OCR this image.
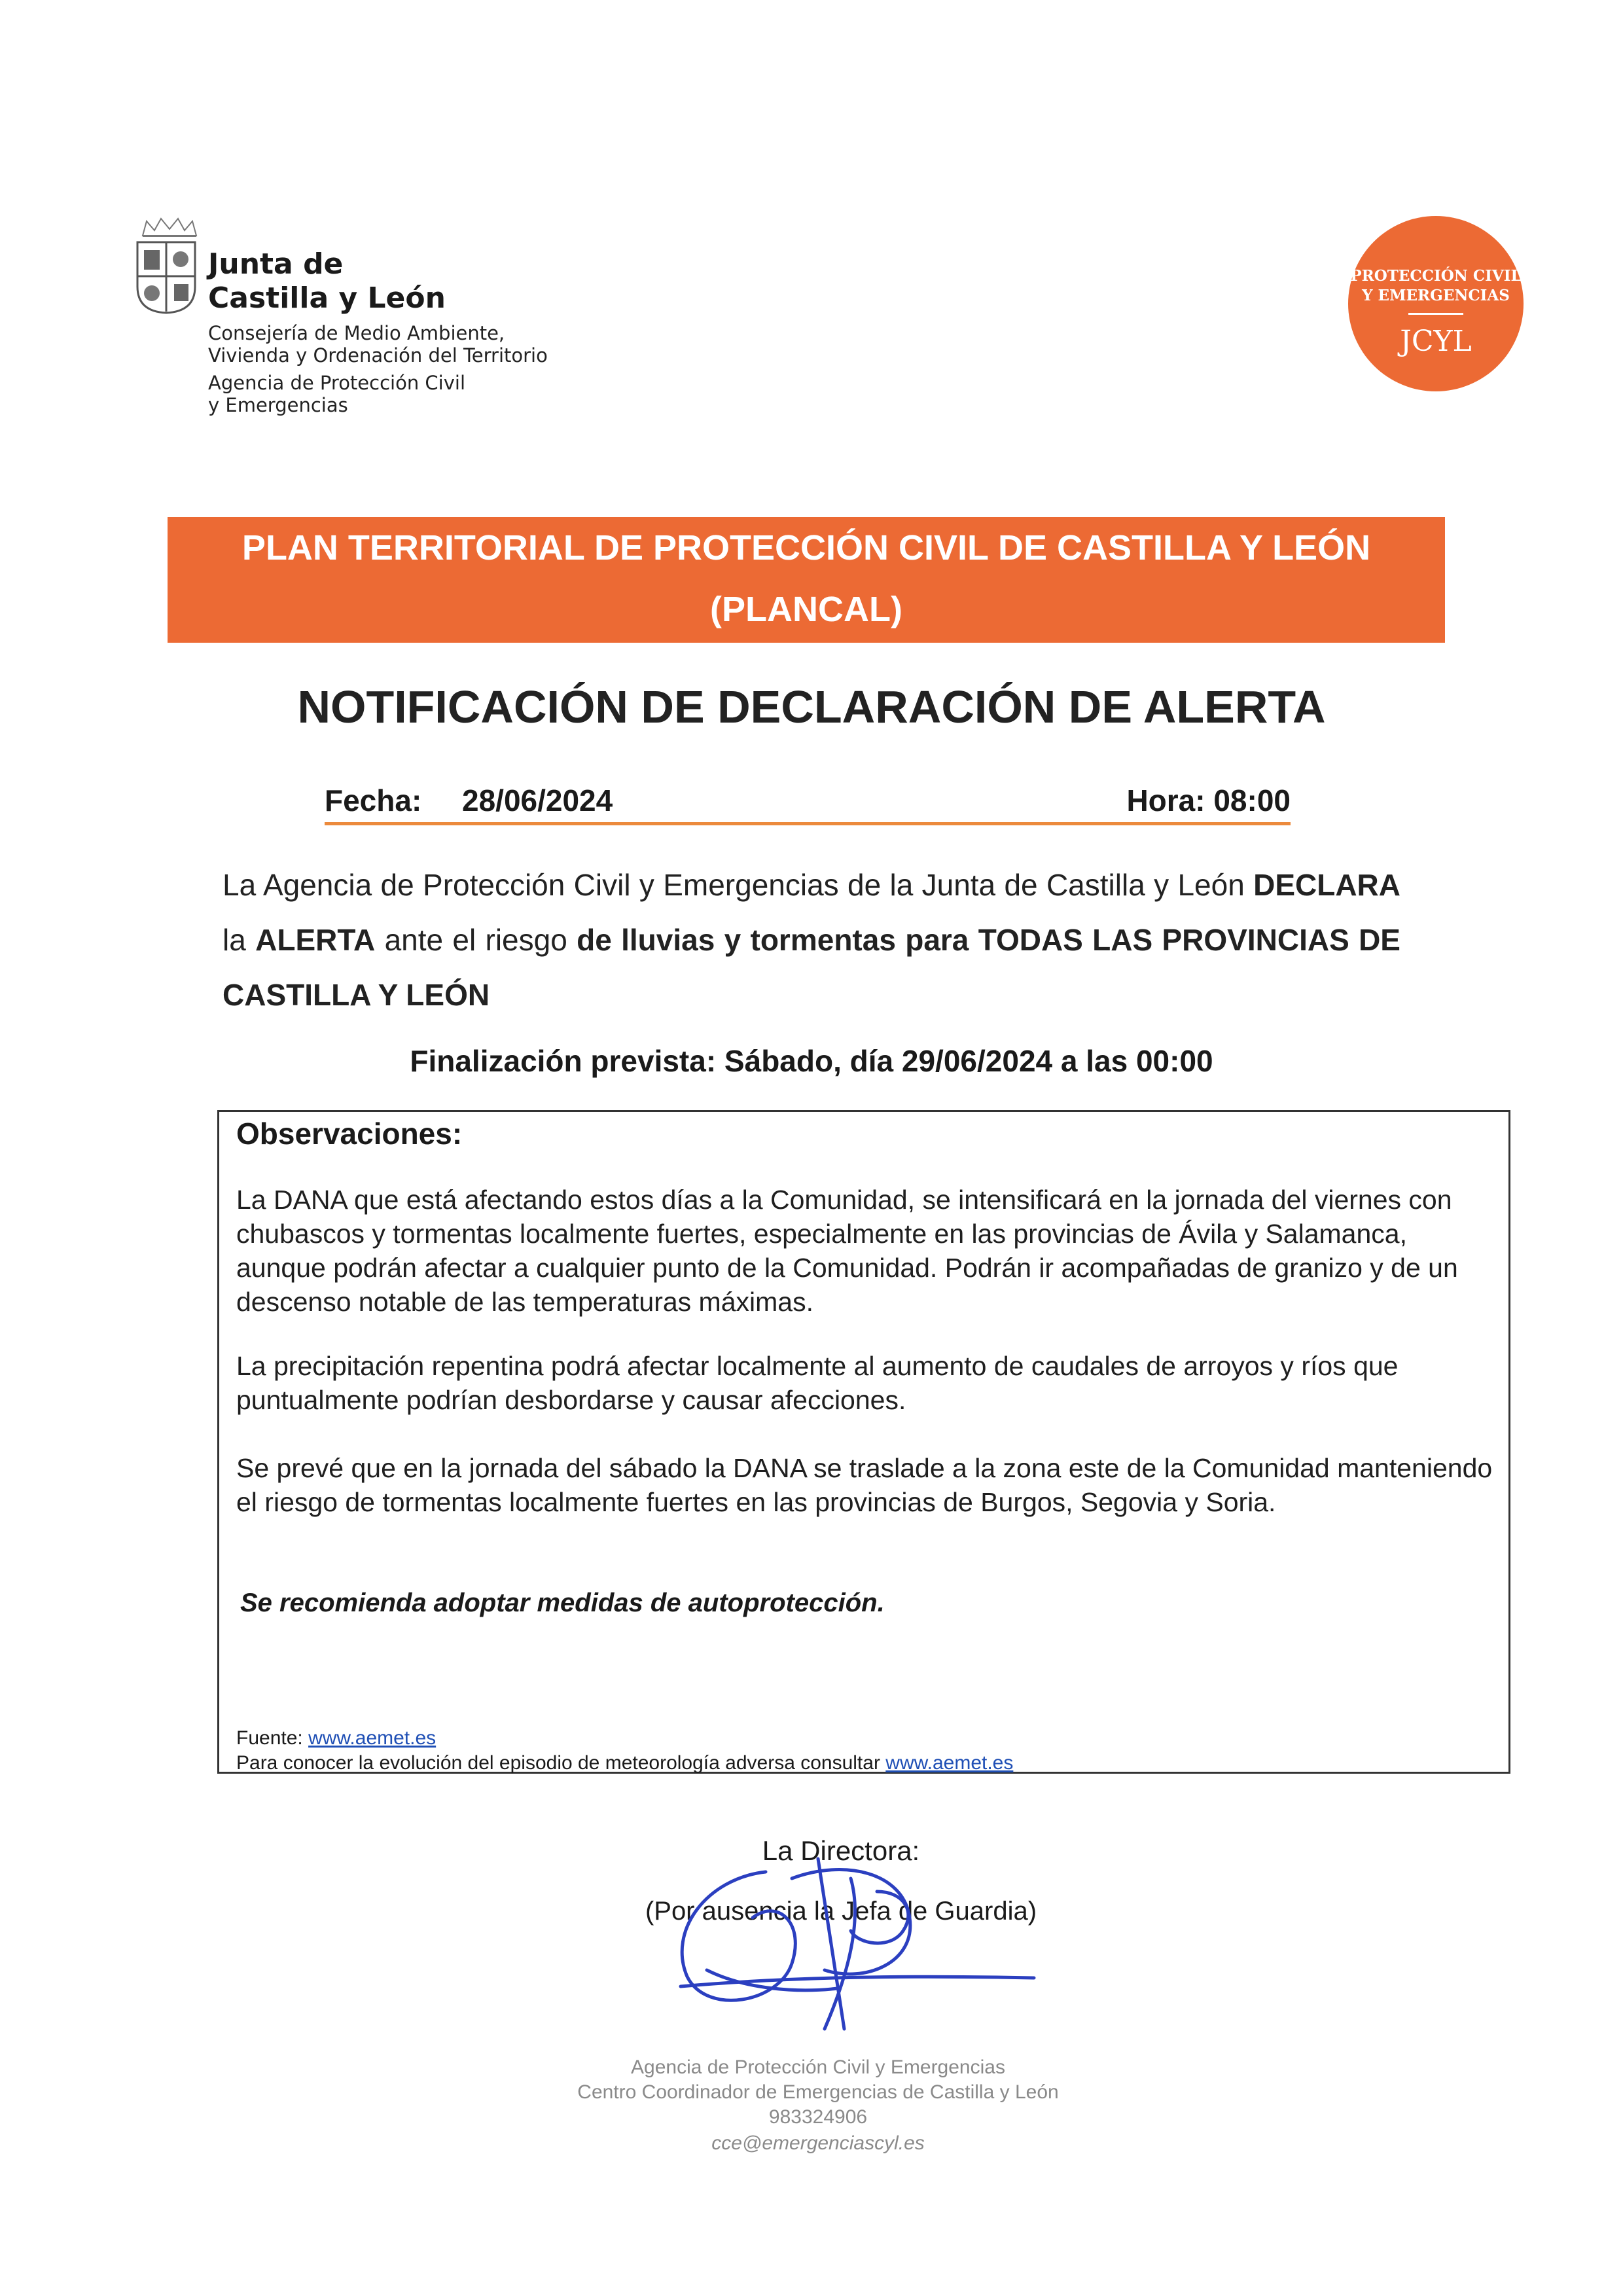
Junta de
Castilla y León
Consejería de Medio Ambiente,
Vivienda y Ordenación del Territorio
Agencia de Protección Civil
y Emergencias
PROTECCIÓN CIVIL
Y EMERGENCIAS
JCYL
PLAN TERRITORIAL DE PROTECCIÓN CIVIL DE CASTILLA Y LEÓN
(PLANCAL)
NOTIFICACIÓN DE DECLARACIÓN DE ALERTA
Fecha: 28/06/2024	Hora: 08:00
La Agencia de Protección Civil y Emergencias de la Junta de Castilla y León DECLARA la ALERTA ante el riesgo de lluvias y tormentas para TODAS LAS PROVINCIAS DE CASTILLA Y LEÓN
Finalización prevista: Sábado, día 29/06/2024 a las 00:00
Observaciones:
La DANA que está afectando estos días a la Comunidad, se intensificará en la jornada del viernes con chubascos y tormentas localmente fuertes, especialmente en las provincias de Ávila y Salamanca, aunque podrán afectar a cualquier punto de la Comunidad. Podrán ir acompañadas de granizo y de un descenso notable de las temperaturas máximas.
La precipitación repentina podrá afectar localmente al aumento de caudales de arroyos y ríos que puntualmente podrían desbordarse y causar afecciones.
Se prevé que en la jornada del sábado la DANA se traslade a la zona este de la Comunidad manteniendo el riesgo de tormentas localmente fuertes en las provincias de Burgos, Segovia y Soria.
Se recomienda adoptar medidas de autoprotección.
Fuente: www.aemet.es
Para conocer la evolución del episodio de meteorología adversa consultar www.aemet.es
La Directora:
(Por ausencia la Jefa de Guardia)
Agencia de Protección Civil y Emergencias
Centro Coordinador de Emergencias de Castilla y León
983324906
cce@emergenciascyl.es
